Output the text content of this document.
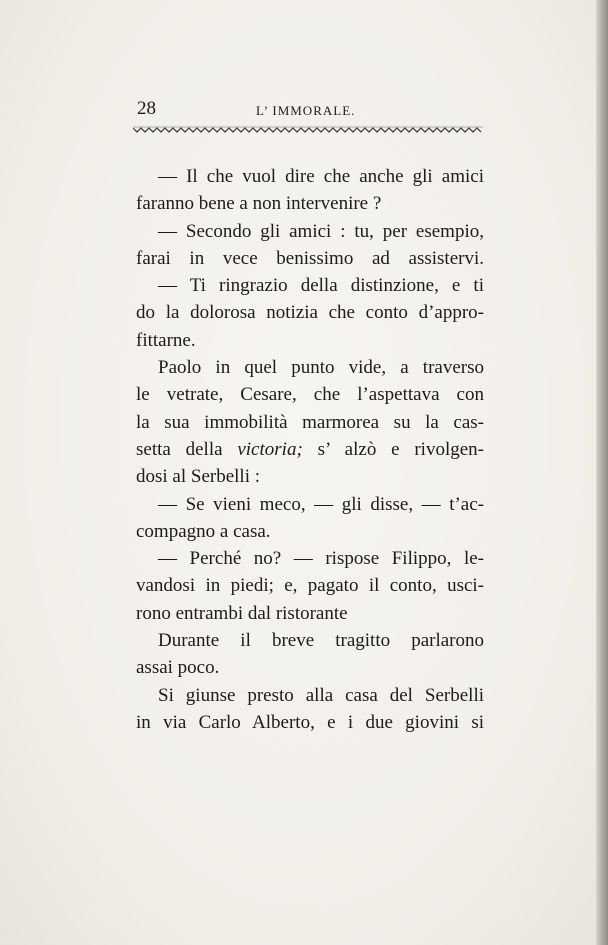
28	L’ IMMORALE.
— Il che vuol dire che anche gli amici
faranno bene a non intervenire ?
— Secondo gli amici : tu, per esempio,
farai in vece benissimo ad assistervi.
— Ti ringrazio della distinzione, e ti
do la dolorosa notizia che conto d’appro-
fittarne.
Paolo in quel punto vide, a traverso
le vetrate, Cesare, che l’aspettava con
la sua immobilità marmorea su la cas-
setta della victoria; s’ alzò e rivolgen-
dosi al Serbelli :
— Se vieni meco, — gli disse, — t’ac-
compagno a casa.
— Perché no? — rispose Filippo, le-
vandosi in piedi; e, pagato il conto, usci-
rono entrambi dal ristorante
Durante il breve tragitto parlarono
assai poco.
Si giunse presto alla casa del Serbelli
in via Carlo Alberto, e i due giovini si
